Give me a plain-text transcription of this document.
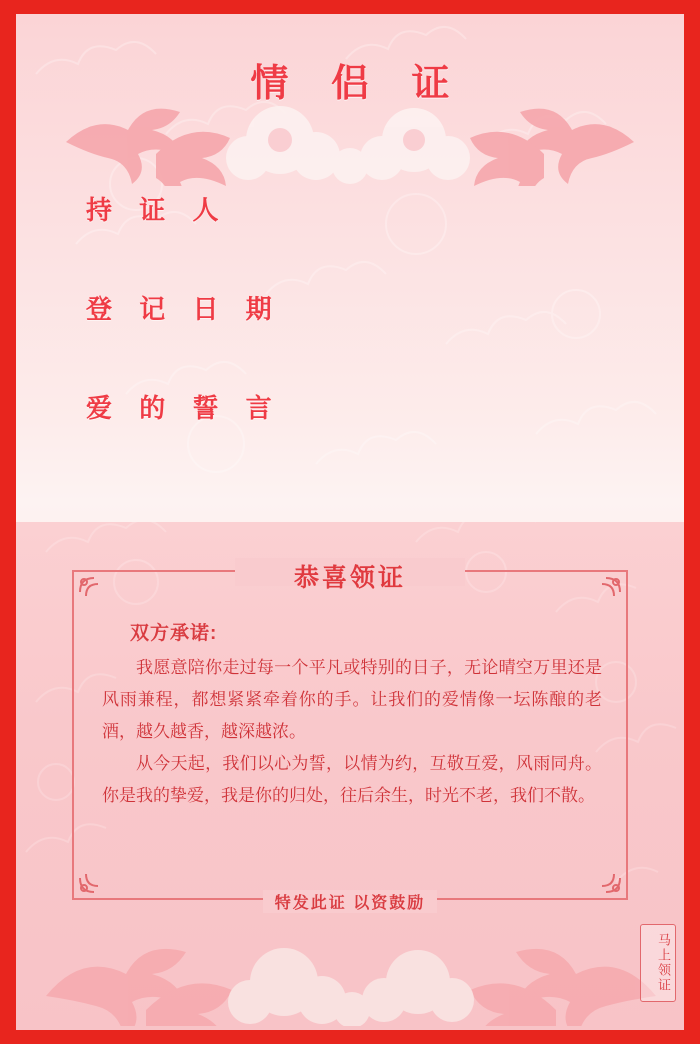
情 侣 证
持 证 人
登 记 日 期
爱 的 誓 言
恭喜领证
双方承诺:

我愿意陪你走过每一个平凡或特别的日子，无论晴空万里还是风雨兼程，都想紧紧牵着你的手。让我们的爱情像一坛陈酿的老酒，越久越香，越深越浓。

从今天起，我们以心为誓，以情为约，互敬互爱，风雨同舟。你是我的挚爱，我是你的归处，往后余生，时光不老，我们不散。

特发此证 以资鼓励
马上领证
